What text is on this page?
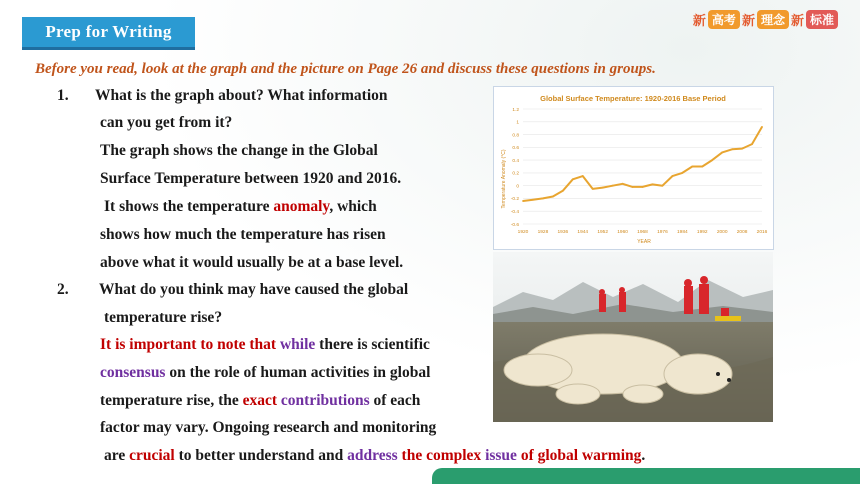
Prep for Writing
新 高考 新 理念 新 标准
Before you read, look at the graph and the picture on Page 26 and discuss these questions in groups.
1. What is the graph about? What information
can you get from it?
The graph shows the change in the Global
Surface Temperature between 1920 and 2016.
It shows the temperature anomaly, which
shows how much the temperature has risen
above what it would usually be at a base level.
2. What do you think may have caused the global
temperature rise?
It is important to note that while there is scientific
consensus on the role of human activities in global
temperature rise, the exact contributions of each
factor may vary. Ongoing research and monitoring
are crucial to better understand and address the complex issue of global warming.
Global Surface Temperature: 1920-2016 Base Period
Temperature Anomaly (°C)
YEAR
1.2
1
0.8
0.6
0.4
0.2
0
-0.2
-0.4
-0.6
1920 1928 1936 1944 1952 1960 1968 1976 1984 1992 2000 2008 2016
